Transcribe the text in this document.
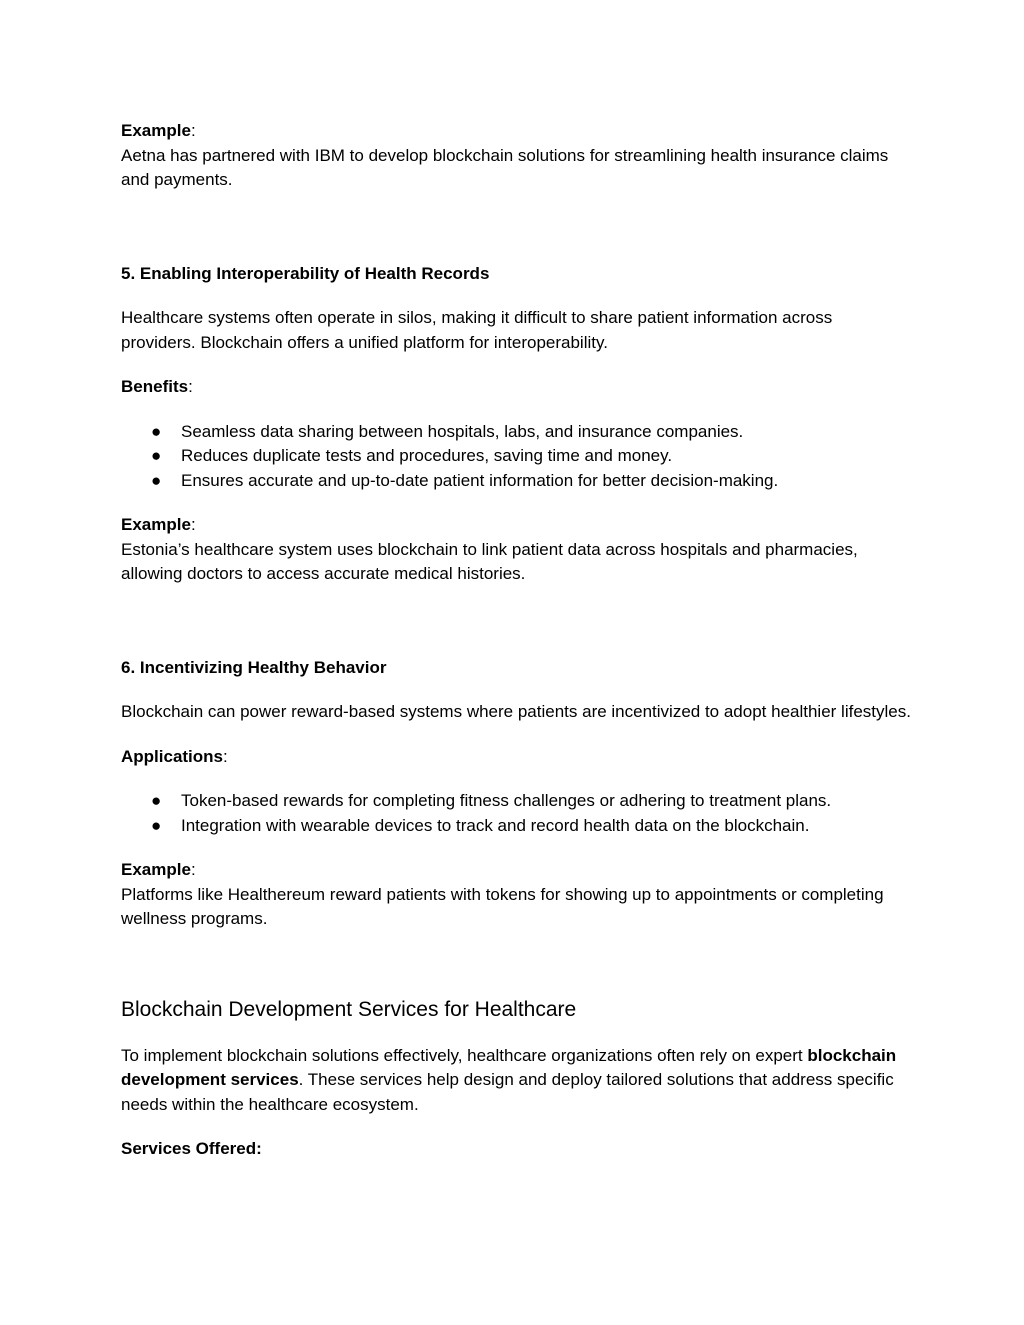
Example:

Aetna has partnered with IBM to develop blockchain solutions for streamlining health insurance claims and payments.

5. Enabling Interoperability of Health Records

Healthcare systems often operate in silos, making it difficult to share patient information across providers. Blockchain offers a unified platform for interoperability.

Benefits:

● Seamless data sharing between hospitals, labs, and insurance companies.
● Reduces duplicate tests and procedures, saving time and money.
● Ensures accurate and up-to-date patient information for better decision-making.

Example:

Estonia’s healthcare system uses blockchain to link patient data across hospitals and pharmacies, allowing doctors to access accurate medical histories.

6. Incentivizing Healthy Behavior

Blockchain can power reward-based systems where patients are incentivized to adopt healthier lifestyles.

Applications:

● Token-based rewards for completing fitness challenges or adhering to treatment plans.
● Integration with wearable devices to track and record health data on the blockchain.

Example:

Platforms like Healthereum reward patients with tokens for showing up to appointments or completing wellness programs.

Blockchain Development Services for Healthcare

To implement blockchain solutions effectively, healthcare organizations often rely on expert blockchain development services. These services help design and deploy tailored solutions that address specific needs within the healthcare ecosystem.

Services Offered:
